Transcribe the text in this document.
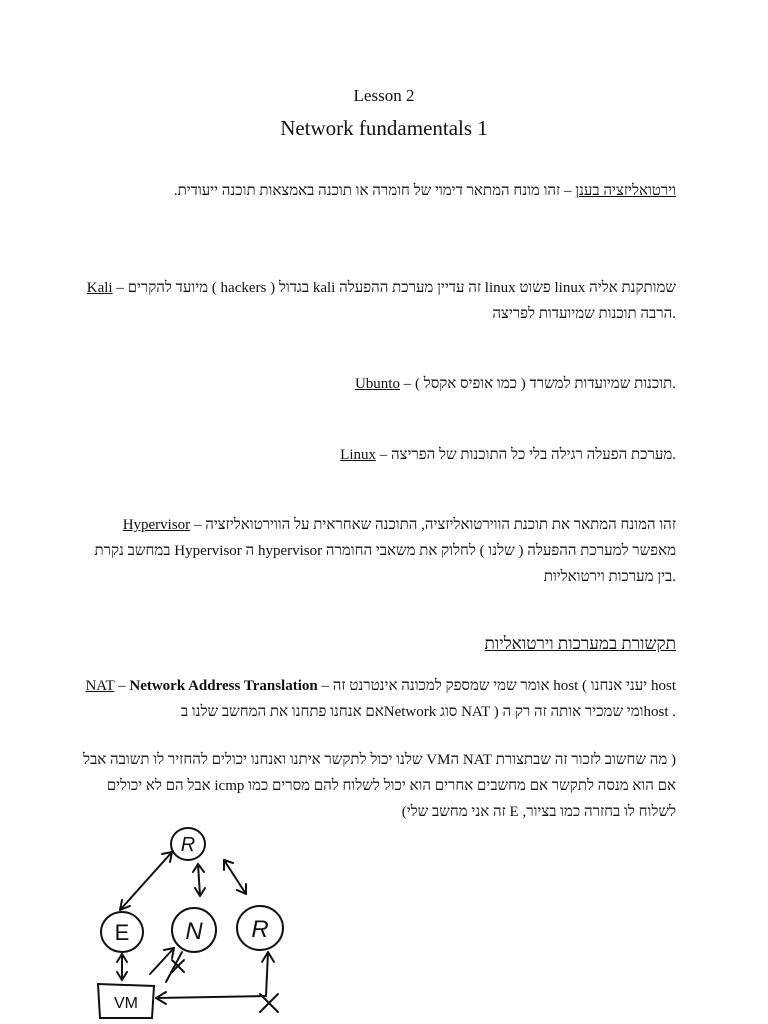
Lesson 2
Network fundamentals 1
וירטואליזציה בענן – זהו מונח המתאר דימוי של חומרה או תוכנה באמצאות תוכנה ייעודית.
Kali – מיועד להקרים ( hackers ) בגדול kali זה עדיין מערכת ההפעלה linux פשוט linux שמותקנת אליה הרבה תוכנות שמיועדות לפריצה.
Ubunto – תוכנות שמיועדות למשרד ( כמו אופיס אקסל ).
Linux – מערכת הפעלה רגילה בלי כל התוכנות של הפריצה.
Hypervisor – זהו המונח המתאר את תוכנת הווירטואליזציה, התוכנה שאחראית על הווירטואליזציה במחשב נקרת Hypervisor ה hypervisor מאפשר למערכת ההפעלה ( שלנו ) לחלוק את משאבי החומרה בין מערכות וירטואליות.
תקשורת במערכות וירטואליות
NAT – Network Address Translation – אומר שמי שמספק למכונה אינטרנט זה host ( יעני אנחנו host אם אנחנו פתחנו את המחשב שלנו בNetwork סוג NAT ) ומי שמכיר אותה זה רק הhost .
( מה שחשוב לזכור זה שבתצורת NAT הVM שלנו יכול לתקשר איתנו ואנחנו יכולים להחזיר לו תשובה אבל אם הוא מנסה לתקשר אם מחשבים אחרים הוא יכול לשלוח להם מסרים כמו icmp אבל הם לא יכולים לשלוח לו בחזרה כמו בציור, E זה אני מחשב שלי)
R
E N R
VM
